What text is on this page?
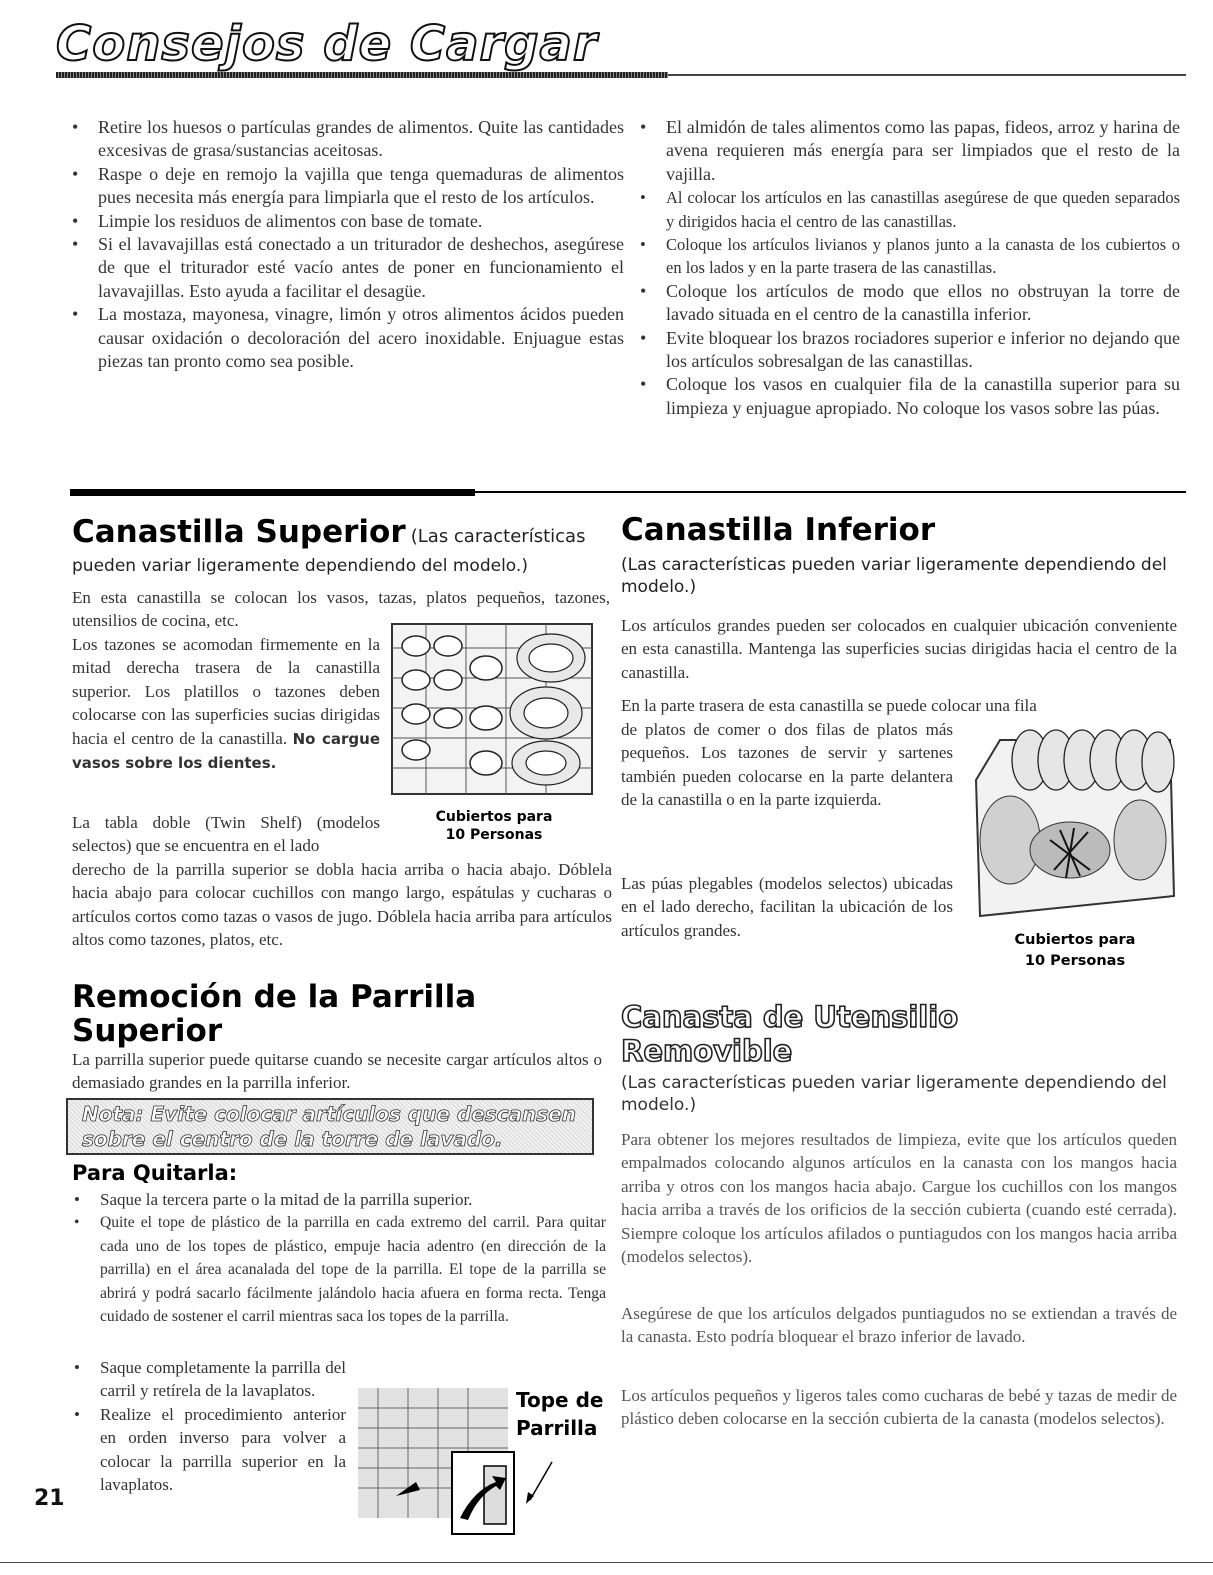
Consejos de Cargar
• Retire los huesos o partículas grandes de alimentos. Quite las cantidades excesivas de grasa/sustancias aceitosas.
• Raspe o deje en remojo la vajilla que tenga quemaduras de alimentos pues necesita más energía para limpiarla que el resto de los artículos.
• Limpie los residuos de alimentos con base de tomate.
• Si el lavavajillas está conectado a un triturador de deshechos, asegúrese de que el triturador esté vacío antes de poner en funcionamiento el lavavajillas. Esto ayuda a facilitar el desagüe.
• La mostaza, mayonesa, vinagre, limón y otros alimentos ácidos pueden causar oxidación o decoloración del acero inoxidable. Enjuague estas piezas tan pronto como sea posible.
• El almidón de tales alimentos como las papas, fideos, arroz y harina de avena requieren más energía para ser limpiados que el resto de la vajilla.
• Al colocar los artículos en las canastillas asegúrese de que queden separados y dirigidos hacia el centro de las canastillas.
• Coloque los artículos livianos y planos junto a la canasta de los cubiertos o en los lados y en la parte trasera de las canastillas.
• Coloque los artículos de modo que ellos no obstruyan la torre de lavado situada en el centro de la canastilla inferior.
• Evite bloquear los brazos rociadores superior e inferior no dejando que los artículos sobresalgan de las canastillas.
• Coloque los vasos en cualquier fila de la canastilla superior para su limpieza y enjuague apropiado. No coloque los vasos sobre las púas.
Canastilla Superior (Las características
pueden variar ligeramente dependiendo del modelo.)
En esta canastilla se colocan los vasos, tazas, platos pequeños, tazones, utensilios de cocina, etc.
Los tazones se acomodan firmemente en la mitad derecha trasera de la canastilla superior. Los platillos o tazones deben colocarse con las superficies sucias dirigidas hacia el centro de la canastilla. No cargue vasos sobre los dientes.
La tabla doble (Twin Shelf) (modelos selectos) que se encuentra en el lado
derecho de la parrilla superior se dobla hacia arriba o hacia abajo. Dóblela hacia abajo para colocar cuchillos con mango largo, espátulas y cucharas o artículos cortos como tazas o vasos de jugo. Dóblela hacia arriba para artículos altos como tazones, platos, etc.
Cubiertos para
10 Personas
Remoción de la Parrilla
Superior
La parrilla superior puede quitarse cuando se necesite cargar artículos altos o demasiado grandes en la parrilla inferior.
Nota: Evite colocar artículos que descansen sobre el centro de la torre de lavado.
Para Quitarla:
• Saque la tercera parte o la mitad de la parrilla superior.
• Quite el tope de plástico de la parrilla en cada extremo del carril. Para quitar cada uno de los topes de plástico, empuje hacia adentro (en dirección de la parrilla) en el área acanalada del tope de la parrilla. El tope de la parrilla se abrirá y podrá sacarlo fácilmente jalándolo hacia afuera en forma recta. Tenga cuidado de sostener el carril mientras saca los topes de la parrilla.
• Saque completamente la parrilla del carril y retírela de la lavaplatos.
• Realize el procedimiento anterior en orden inverso para volver a colocar la parrilla superior en la lavaplatos.
Tope de
Parrilla
21
Canastilla Inferior
(Las características pueden variar ligeramente dependiendo del modelo.)
Los artículos grandes pueden ser colocados en cualquier ubicación conveniente en esta canastilla. Mantenga las superficies sucias dirigidas hacia el centro de la canastilla.
En la parte trasera de esta canastilla se puede colocar una fila
de platos de comer o dos filas de platos más pequeños. Los tazones de servir y sartenes también pueden colocarse en la parte delantera de la canastilla o en la parte izquierda.
Las púas plegables (modelos selectos) ubicadas en el lado derecho, facilitan la ubicación de los artículos grandes.
Cubiertos para
10 Personas
Canasta de Utensilio
Removible
(Las características pueden variar ligeramente dependiendo del modelo.)
Para obtener los mejores resultados de limpieza, evite que los artículos queden empalmados colocando algunos artículos en la canasta con los mangos hacia arriba y otros con los mangos hacia abajo. Cargue los cuchillos con los mangos hacia arriba a través de los orificios de la sección cubierta (cuando esté cerrada). Siempre coloque los artículos afilados o puntiagudos con los mangos hacia arriba (modelos selectos).
Asegúrese de que los artículos delgados puntiagudos no se extiendan a través de la canasta. Esto podría bloquear el brazo inferior de lavado.
Los artículos pequeños y ligeros tales como cucharas de bebé y tazas de medir de plástico deben colocarse en la sección cubierta de la canasta (modelos selectos).
